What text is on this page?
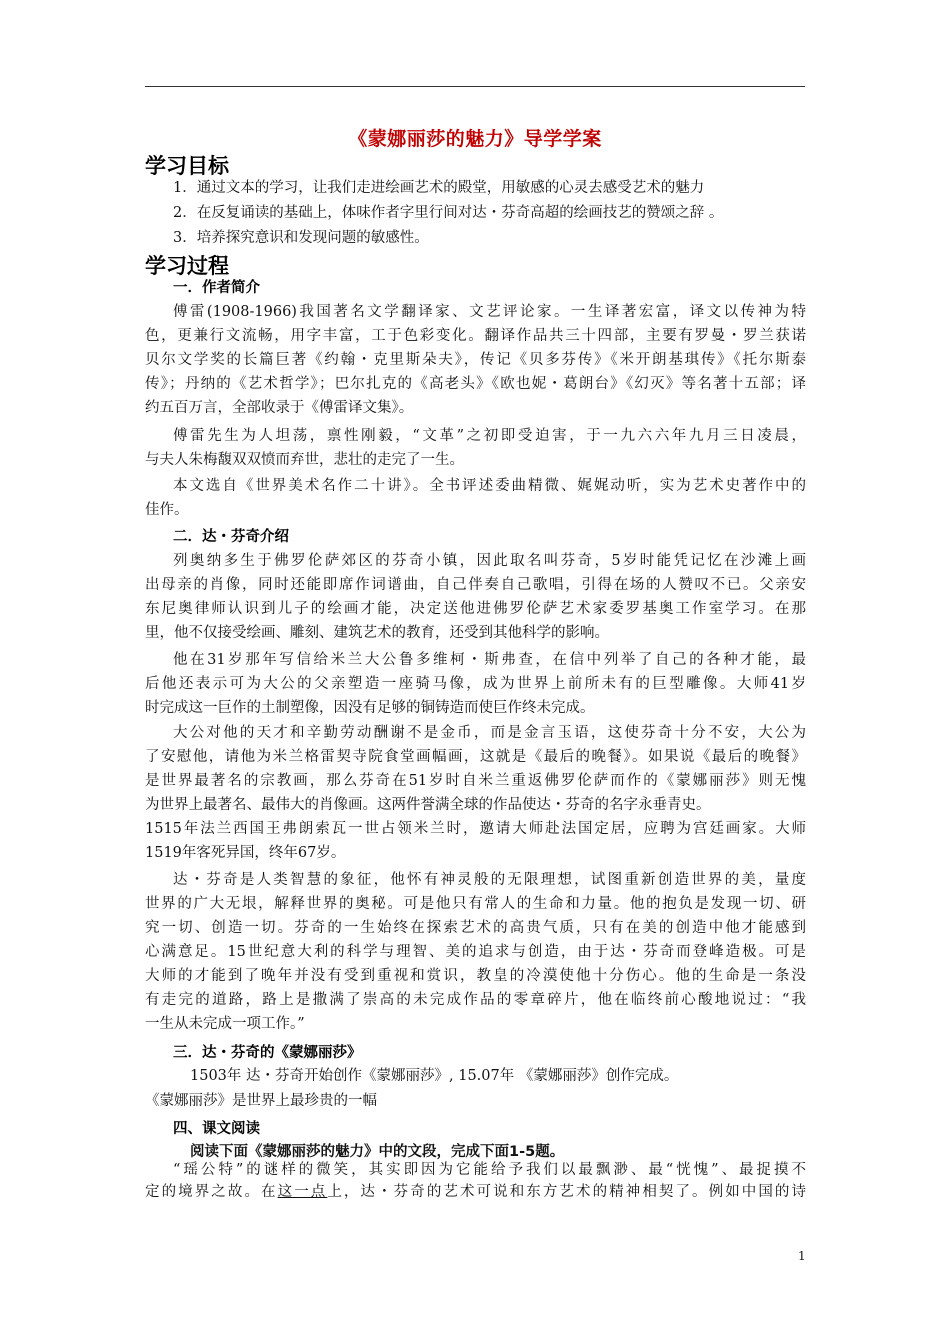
《蒙娜丽莎的魅力》导学学案
学习目标
1．通过文本的学习，让我们走进绘画艺术的殿堂，用敏感的心灵去感受艺术的魅力
2．在反复诵读的基础上，体味作者字里行间对达・芬奇高超的绘画技艺的赞颂之辞 。
3．培养探究意识和发现问题的敏感性。
学习过程
一．作者简介
傅雷(1908-1966)我国著名文学翻译家、文艺评论家。一生译著宏富，译文以传神为特
色，更兼行文流畅，用字丰富，工于色彩变化。翻译作品共三十四部，主要有罗曼・罗兰获诺
贝尔文学奖的长篇巨著《约翰・克里斯朵夫》，传记《贝多芬传》《米开朗基琪传》《托尔斯泰
传》；丹纳的《艺术哲学》；巴尔扎克的《高老头》《欧也妮・葛朗台》《幻灭》等名著十五部；译
约五百万言，全部收录于《傅雷译文集》。
傅雷先生为人坦荡，禀性刚毅，“文革”之初即受迫害，于一九六六年九月三日凌晨，
与夫人朱梅馥双双愤而弃世，悲壮的走完了一生。
本文选自《世界美术名作二十讲》。全书评述委曲精微、娓娓动听，实为艺术史著作中的
佳作。
二．达・芬奇介绍
列奥纳多生于佛罗伦萨郊区的芬奇小镇，因此取名叫芬奇，5岁时能凭记忆在沙滩上画
出母亲的肖像，同时还能即席作词谱曲，自己伴奏自己歌唱，引得在场的人赞叹不已。父亲安
东尼奥律师认识到儿子的绘画才能，决定送他进佛罗伦萨艺术家委罗基奥工作室学习。在那
里，他不仅接受绘画、雕刻、建筑艺术的教育，还受到其他科学的影响。
他在31岁那年写信给米兰大公鲁多维柯・斯弗查，在信中列举了自己的各种才能，最
后他还表示可为大公的父亲塑造一座骑马像，成为世界上前所未有的巨型雕像。大师41岁
时完成这一巨作的土制塑像，因没有足够的铜铸造而使巨作终未完成。
大公对他的天才和辛勤劳动酬谢不是金币，而是金言玉语，这使芬奇十分不安，大公为
了安慰他，请他为米兰格雷契寺院食堂画幅画，这就是《最后的晚餐》。如果说《最后的晚餐》
是世界最著名的宗教画，那么芬奇在51岁时自米兰重返佛罗伦萨而作的《蒙娜丽莎》则无愧
为世界上最著名、最伟大的肖像画。这两件誉满全球的作品使达・芬奇的名字永垂青史。
1515年法兰西国王弗朗索瓦一世占领米兰时，邀请大师赴法国定居，应聘为宫廷画家。大师
1519年客死异国，终年67岁。
达・芬奇是人类智慧的象征，他怀有神灵般的无限理想，试图重新创造世界的美，量度
世界的广大无垠，解释世界的奥秘。可是他只有常人的生命和力量。他的抱负是发现一切、研
究一切、创造一切。芬奇的一生始终在探索艺术的高贵气质，只有在美的创造中他才能感到
心满意足。15世纪意大利的科学与理智、美的追求与创造，由于达・芬奇而登峰造极。可是
大师的才能到了晚年并没有受到重视和赏识，教皇的冷漠使他十分伤心。他的生命是一条没
有走完的道路，路上是撒满了崇高的未完成作品的零章碎片，他在临终前心酸地说过：“我
一生从未完成一项工作。”
三．达・芬奇的《蒙娜丽莎》
1503年 达・芬奇开始创作《蒙娜丽莎》, 15.07年 《蒙娜丽莎》创作完成。
《蒙娜丽莎》是世界上最珍贵的一幅
四、课文阅读
阅读下面《蒙娜丽莎的魅力》中的文段，完成下面1-5题。
“瑶公特”的谜样的微笑，其实即因为它能给予我们以最飘渺、最“恍愧”、最捉摸不
定的境界之故。在这一点上，达・芬奇的艺术可说和东方艺术的精神相契了。例如中国的诗
1
